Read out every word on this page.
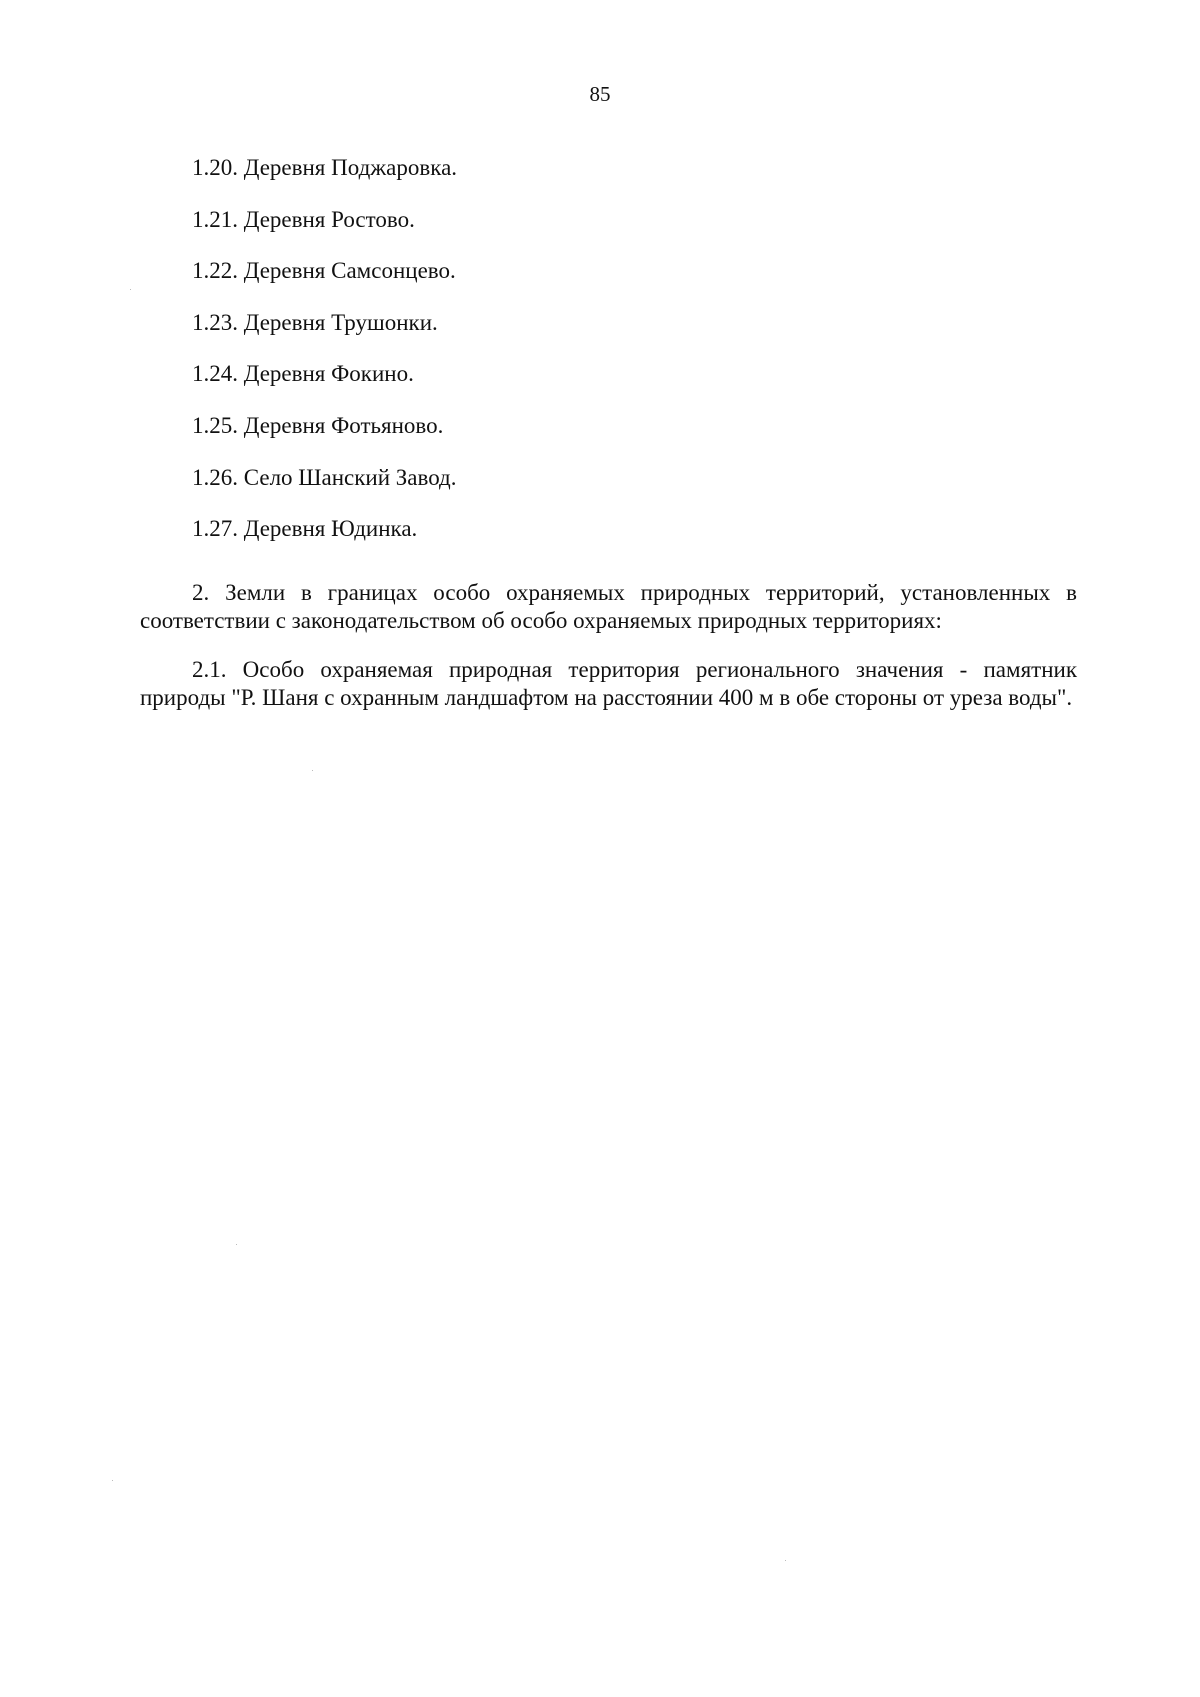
85
1.20. Деревня Поджаровка.
1.21. Деревня Ростово.
1.22. Деревня Самсонцево.
1.23. Деревня Трушонки.
1.24. Деревня Фокино.
1.25. Деревня Фотьяново.
1.26. Село Шанский Завод.
1.27. Деревня Юдинка.

2. Земли в границах особо охраняемых природных территорий, установленных в соответствии с законодательством об особо охраняемых природных территориях:

2.1. Особо охраняемая природная территория регионального значения - памятник природы "Р. Шаня с охранным ландшафтом на расстоянии 400 м в обе стороны от уреза воды".
